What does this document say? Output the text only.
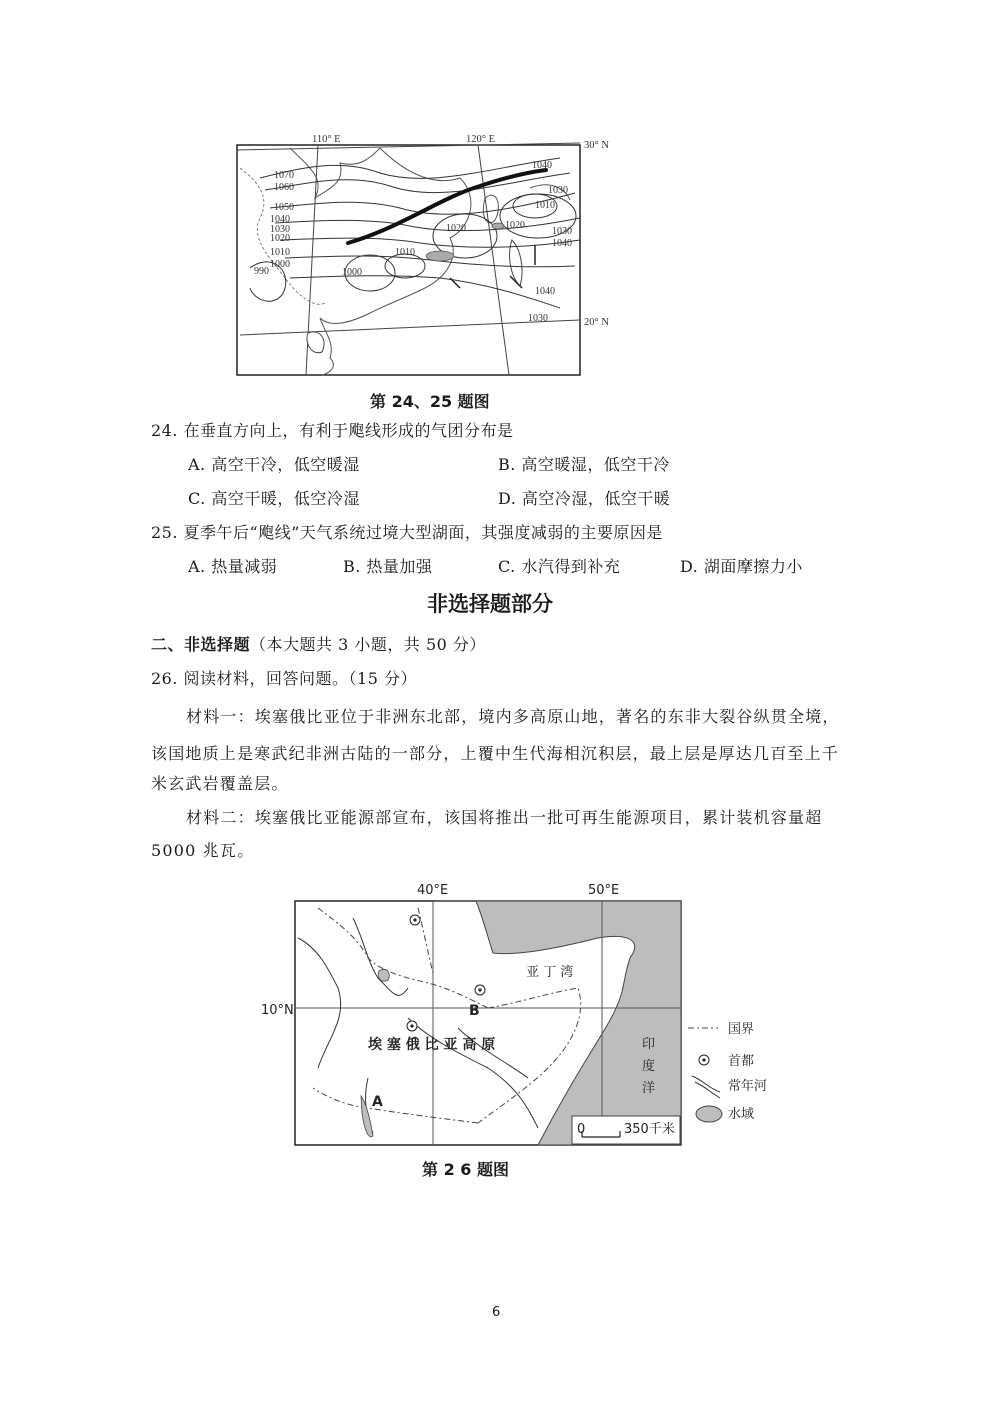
110° E	120° E
30° N
20° N
1070
1060
1050
1040
1030
1020
1010
1000
990	1000
1010
1020
1040
1030
1010
1020
1030
1040
1040
1030
第 24、25 题图
24. 在垂直方向上，有利于飑线形成的气团分布是
A. 高空干冷，低空暖湿	B. 高空暖湿，低空干冷
C. 高空干暖，低空冷湿	D. 高空冷湿，低空干暖
25. 夏季午后“飑线”天气系统过境大型湖面，其强度减弱的主要原因是
A. 热量减弱	B. 热量加强	C. 水汽得到补充	D. 湖面摩擦力小
非选择题部分
二、非选择题（本大题共 3 小题，共 50 分）
26. 阅读材料，回答问题。（15 分）
材料一：埃塞俄比亚位于非洲东北部，境内多高原山地，著名的东非大裂谷纵贯全境，
该国地质上是寒武纪非洲古陆的一部分，上覆中生代海相沉积层，最上层是厚达几百至上千
米玄武岩覆盖层。
材料二：埃塞俄比亚能源部宣布，该国将推出一批可再生能源项目，累计装机容量超
5000 兆瓦。
40°E	50°E
10°N
亚 丁 湾
埃 塞 俄 比 亚 高 原	印
度
洋
A
B
0	350千米
国界
首都
常年河
水域
第 2 6 题图
6
